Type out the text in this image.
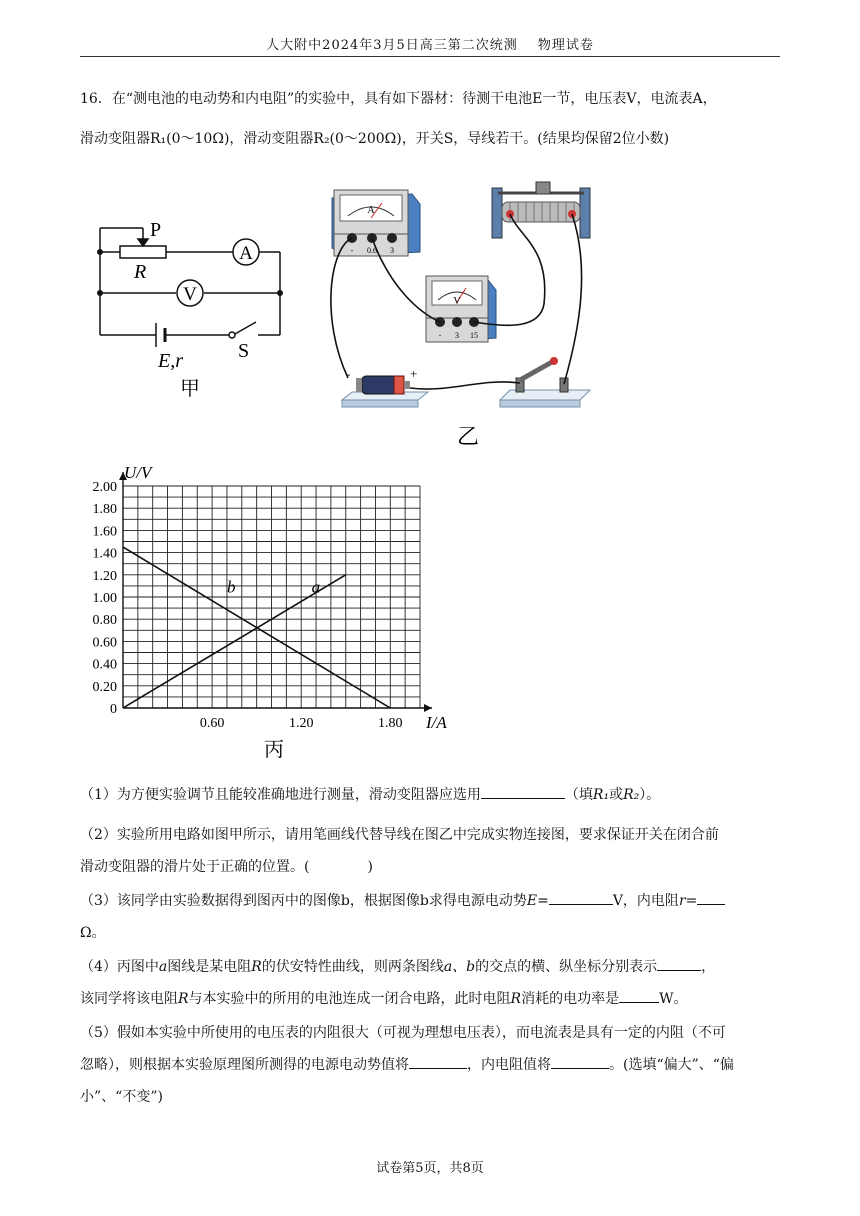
人大附中2024年3月5日高三第二次统测 物理试卷
16．在“测电池的电动势和内电阻”的实验中，具有如下器材：待测干电池E一节，电压表V，电流表A，
滑动变阻器R₁(0～10Ω)，滑动变阻器R₂(0～200Ω)，开关S，导线若干。(结果均保留2位小数)
P
R
A
V
E,r	S
甲
A
- 0.6 3
V
- 3 15
-	+
乙
b	a
0
0.20
0.40
0.60
0.80
1.00
1.20
1.40
1.60
1.80
2.00
0.60	1.20	1.80
U/V
I/A
丙
（1）为方便实验调节且能较准确地进行测量，滑动变阻器应选用	（填R₁或R₂）。
（2）实验所用电路如图甲所示，请用笔画线代替导线在图乙中完成实物连接图，要求保证开关在闭合前
滑动变阻器的滑片处于正确的位置。(	)
（3）该同学由实验数据得到图丙中的图像b，根据图像b求得电源电动势E=	V，内电阻r=
Ω。
（4）丙图中a图线是某电阻R的伏安特性曲线，则两条图线a、b的交点的横、纵坐标分别表示	，
该同学将该电阻R与本实验中的所用的电池连成一闭合电路，此时电阻R消耗的电功率是	W。
（5）假如本实验中所使用的电压表的内阻很大（可视为理想电压表），而电流表是具有一定的内阻（不可
忽略），则根据本实验原理图所测得的电源电动势值将	，内电阻值将	。(选填“偏大”、“偏
小”、“不变”)
试卷第5页，共8页
